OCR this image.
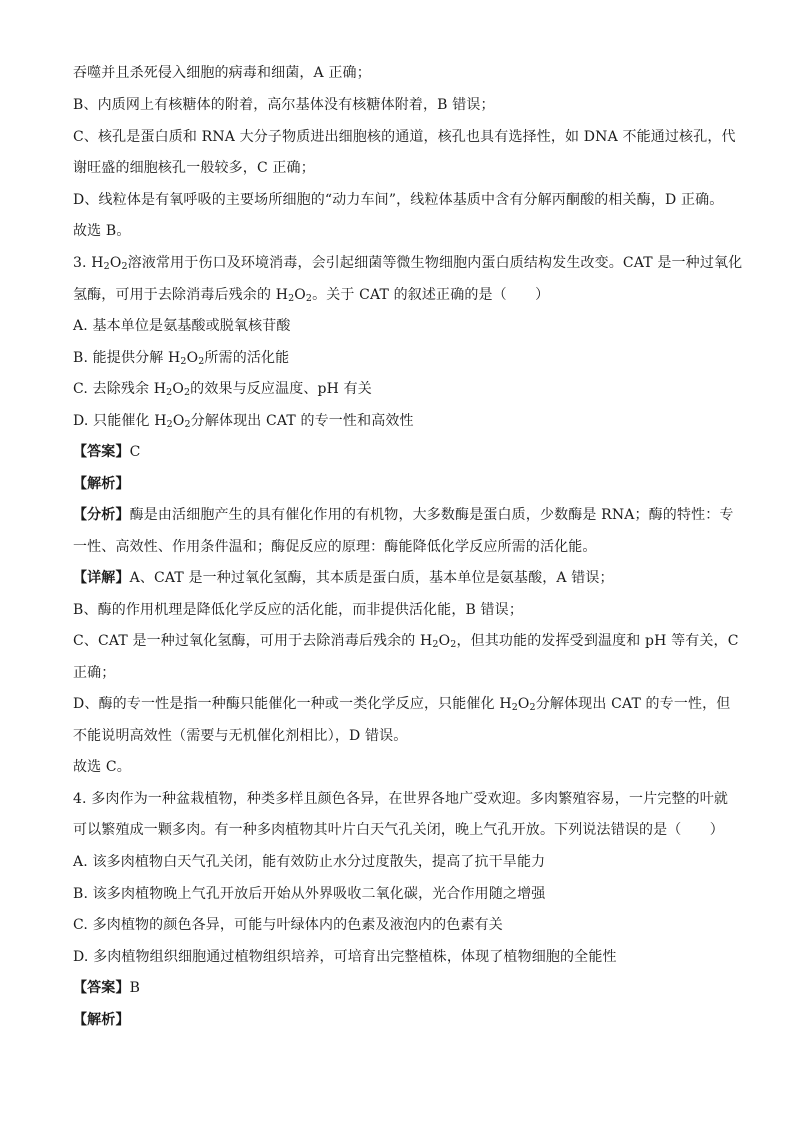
吞噬并且杀死侵入细胞的病毒和细菌，A 正确；
B、内质网上有核糖体的附着，高尔基体没有核糖体附着，B 错误；
C、核孔是蛋白质和 RNA 大分子物质进出细胞核的通道，核孔也具有选择性，如 DNA 不能通过核孔，代
谢旺盛的细胞核孔一般较多，C 正确；
D、线粒体是有氧呼吸的主要场所细胞的“动力车间”，线粒体基质中含有分解丙酮酸的相关酶，D 正确。
故选 B。
3. $H_2O_2$溶液常用于伤口及环境消毒，会引起细菌等微生物细胞内蛋白质结构发生改变。CAT 是一种过氧化
氢酶，可用于去除消毒后残余的 $H_2O_2$。关于 CAT 的叙述正确的是（　　）
A. 基本单位是氨基酸或脱氧核苷酸
B. 能提供分解 $H_2O_2$所需的活化能
C. 去除残余 $H_2O_2$的效果与反应温度、pH 有关
D. 只能催化 $H_2O_2$分解体现出 CAT 的专一性和高效性
【答案】C
【解析】
【分析】酶是由活细胞产生的具有催化作用的有机物，大多数酶是蛋白质，少数酶是 RNA；酶的特性：专
一性、高效性、作用条件温和；酶促反应的原理：酶能降低化学反应所需的活化能。
【详解】A、CAT 是一种过氧化氢酶，其本质是蛋白质，基本单位是氨基酸，A 错误；
B、酶的作用机理是降低化学反应的活化能，而非提供活化能，B 错误；
C、CAT 是一种过氧化氢酶，可用于去除消毒后残余的 $H_2O_2$，但其功能的发挥受到温度和 pH 等有关，C
正确；
D、酶的专一性是指一种酶只能催化一种或一类化学反应，只能催化 $H_2O_2$分解体现出 CAT 的专一性，但
不能说明高效性（需要与无机催化剂相比），D 错误。
故选 C。
4. 多肉作为一种盆栽植物，种类多样且颜色各异，在世界各地广受欢迎。多肉繁殖容易，一片完整的叶就
可以繁殖成一颗多肉。有一种多肉植物其叶片白天气孔关闭，晚上气孔开放。下列说法错误的是（　　）
A. 该多肉植物白天气孔关闭，能有效防止水分过度散失，提高了抗干旱能力
B. 该多肉植物晚上气孔开放后开始从外界吸收二氧化碳，光合作用随之增强
C. 多肉植物的颜色各异，可能与叶绿体内的色素及液泡内的色素有关
D. 多肉植物组织细胞通过植物组织培养，可培育出完整植株，体现了植物细胞的全能性
【答案】B
【解析】
